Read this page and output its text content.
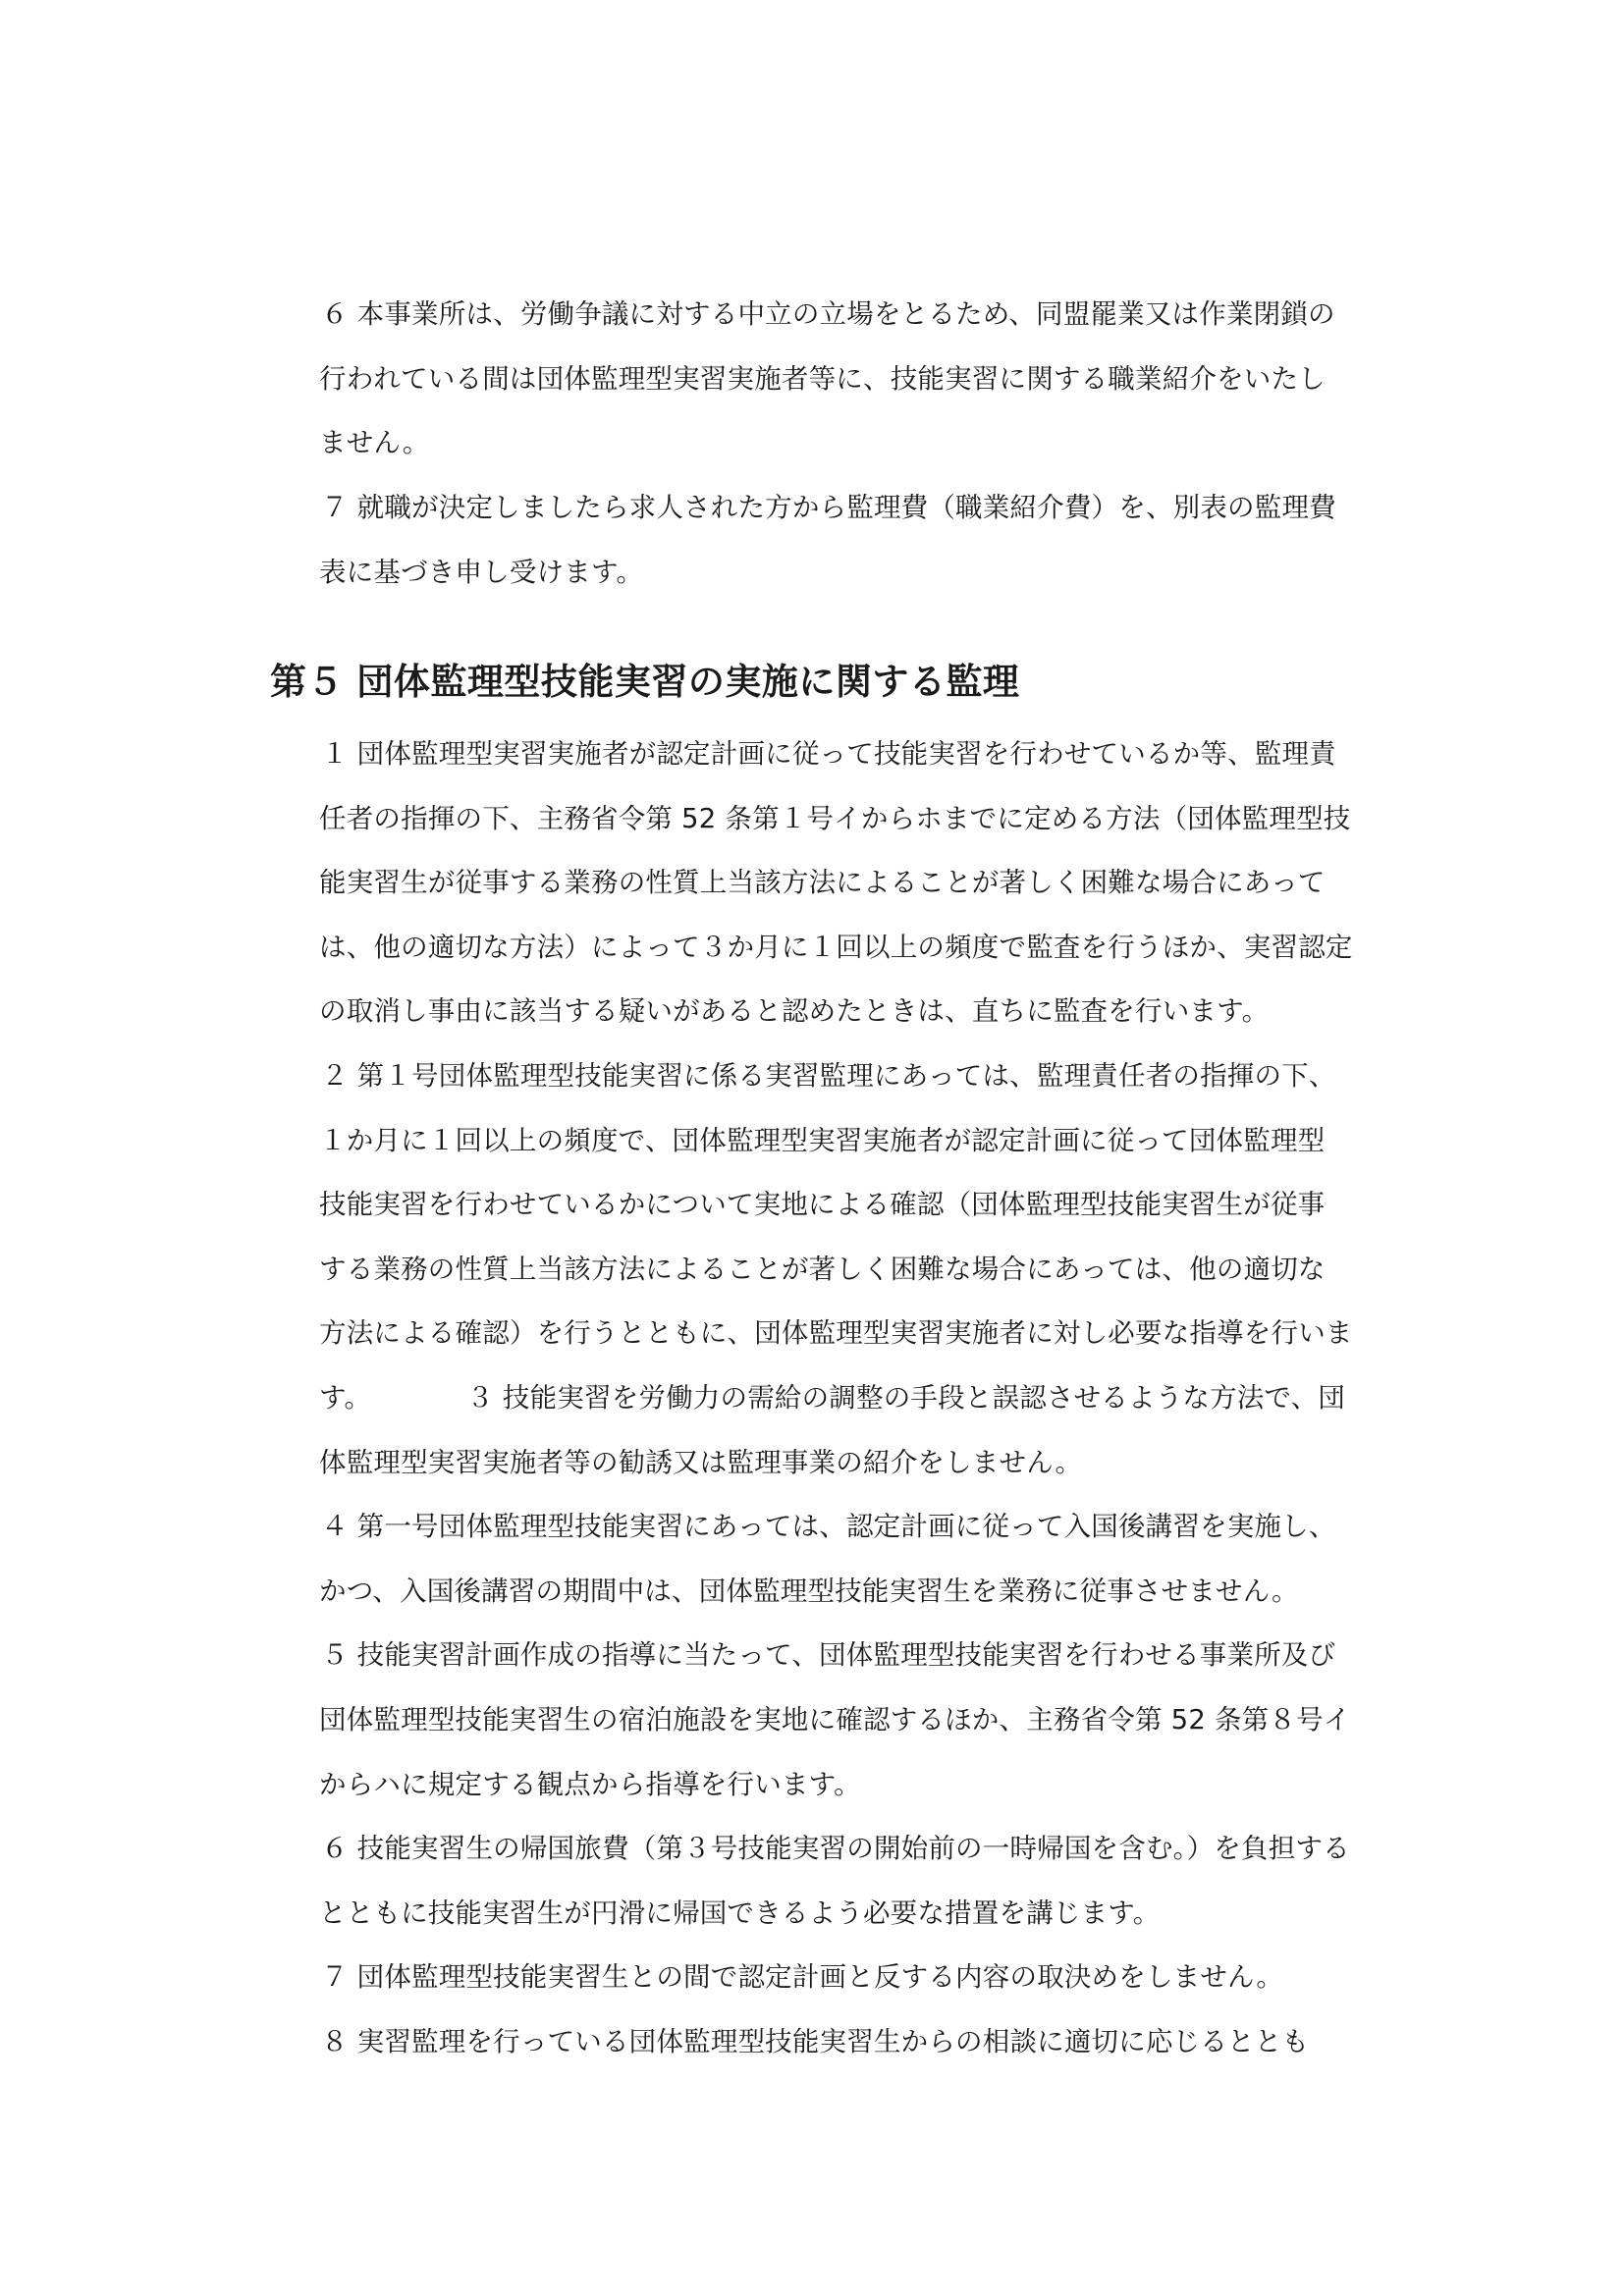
６ 本事業所は、労働争議に対する中立の立場をとるため、同盟罷業又は作業閉鎖の
行われている間は団体監理型実習実施者等に、技能実習に関する職業紹介をいたし
ません。
７ 就職が決定しましたら求人された方から監理費（職業紹介費）を、別表の監理費
表に基づき申し受けます。
第５ 団体監理型技能実習の実施に関する監理
１ 団体監理型実習実施者が認定計画に従って技能実習を行わせているか等、監理責
任者の指揮の下、主務省令第 52 条第１号イからホまでに定める方法（団体監理型技
能実習生が従事する業務の性質上当該方法によることが著しく困難な場合にあって
は、他の適切な方法）によって３か月に１回以上の頻度で監査を行うほか、実習認定
の取消し事由に該当する疑いがあると認めたときは、直ちに監査を行います。
２ 第１号団体監理型技能実習に係る実習監理にあっては、監理責任者の指揮の下、
１か月に１回以上の頻度で、団体監理型実習実施者が認定計画に従って団体監理型
技能実習を行わせているかについて実地による確認（団体監理型技能実習生が従事
する業務の性質上当該方法によることが著しく困難な場合にあっては、他の適切な
方法による確認）を行うとともに、団体監理型実習実施者に対し必要な指導を行いま
す。　　　　３ 技能実習を労働力の需給の調整の手段と誤認させるような方法で、団
体監理型実習実施者等の勧誘又は監理事業の紹介をしません。
４ 第一号団体監理型技能実習にあっては、認定計画に従って入国後講習を実施し、
かつ、入国後講習の期間中は、団体監理型技能実習生を業務に従事させません。
５ 技能実習計画作成の指導に当たって、団体監理型技能実習を行わせる事業所及び
団体監理型技能実習生の宿泊施設を実地に確認するほか、主務省令第 52 条第８号イ
からハに規定する観点から指導を行います。
６ 技能実習生の帰国旅費（第３号技能実習の開始前の一時帰国を含む。）を負担する
とともに技能実習生が円滑に帰国できるよう必要な措置を講じます。
７ 団体監理型技能実習生との間で認定計画と反する内容の取決めをしません。
８ 実習監理を行っている団体監理型技能実習生からの相談に適切に応じるととも
